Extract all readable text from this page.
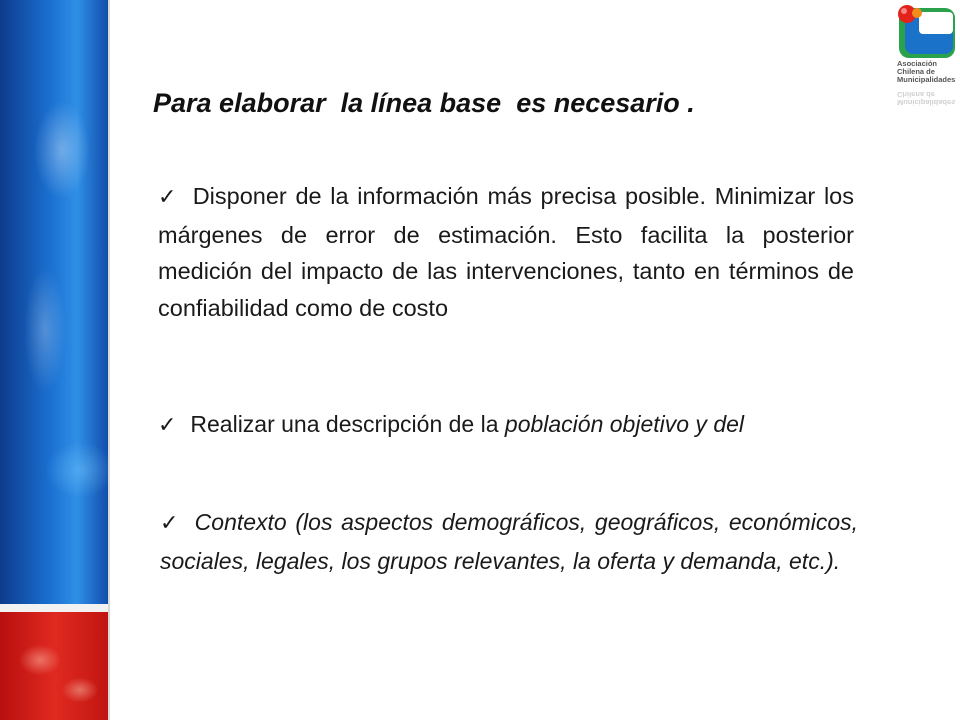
Asociación
Chilena de
Municipalidades
Municipalidades
Chilena de
Para elaborar  la línea base  es necesario .
✓ Disponer de la información más precisa posible. Minimizar los márgenes de error de estimación. Esto facilita la posterior medición del impacto de las intervenciones, tanto en términos de confiabilidad como de costo
✓ Realizar una descripción de la población objetivo y del
✓ Contexto (los aspectos demográficos, geográficos, económicos, sociales, legales, los grupos relevantes, la oferta y demanda, etc.).
